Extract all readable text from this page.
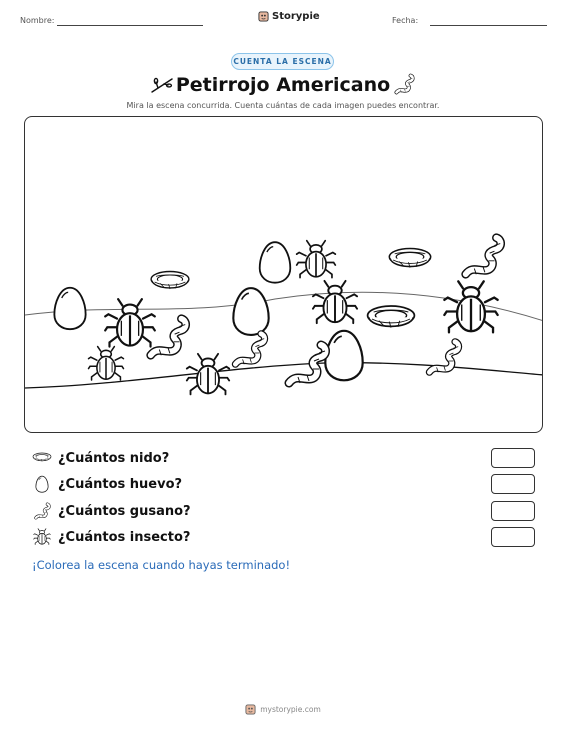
Nombre:	Storypie	Fecha:
CUENTA LA ESCENA
Petirrojo Americano
Mira la escena concurrida. Cuenta cuántas de cada imagen puedes encontrar.
¿Cuántos nido?
¿Cuántos huevo?
¿Cuántos gusano?
¿Cuántos insecto?
¡Colorea la escena cuando hayas terminado!
mystorypie.com
